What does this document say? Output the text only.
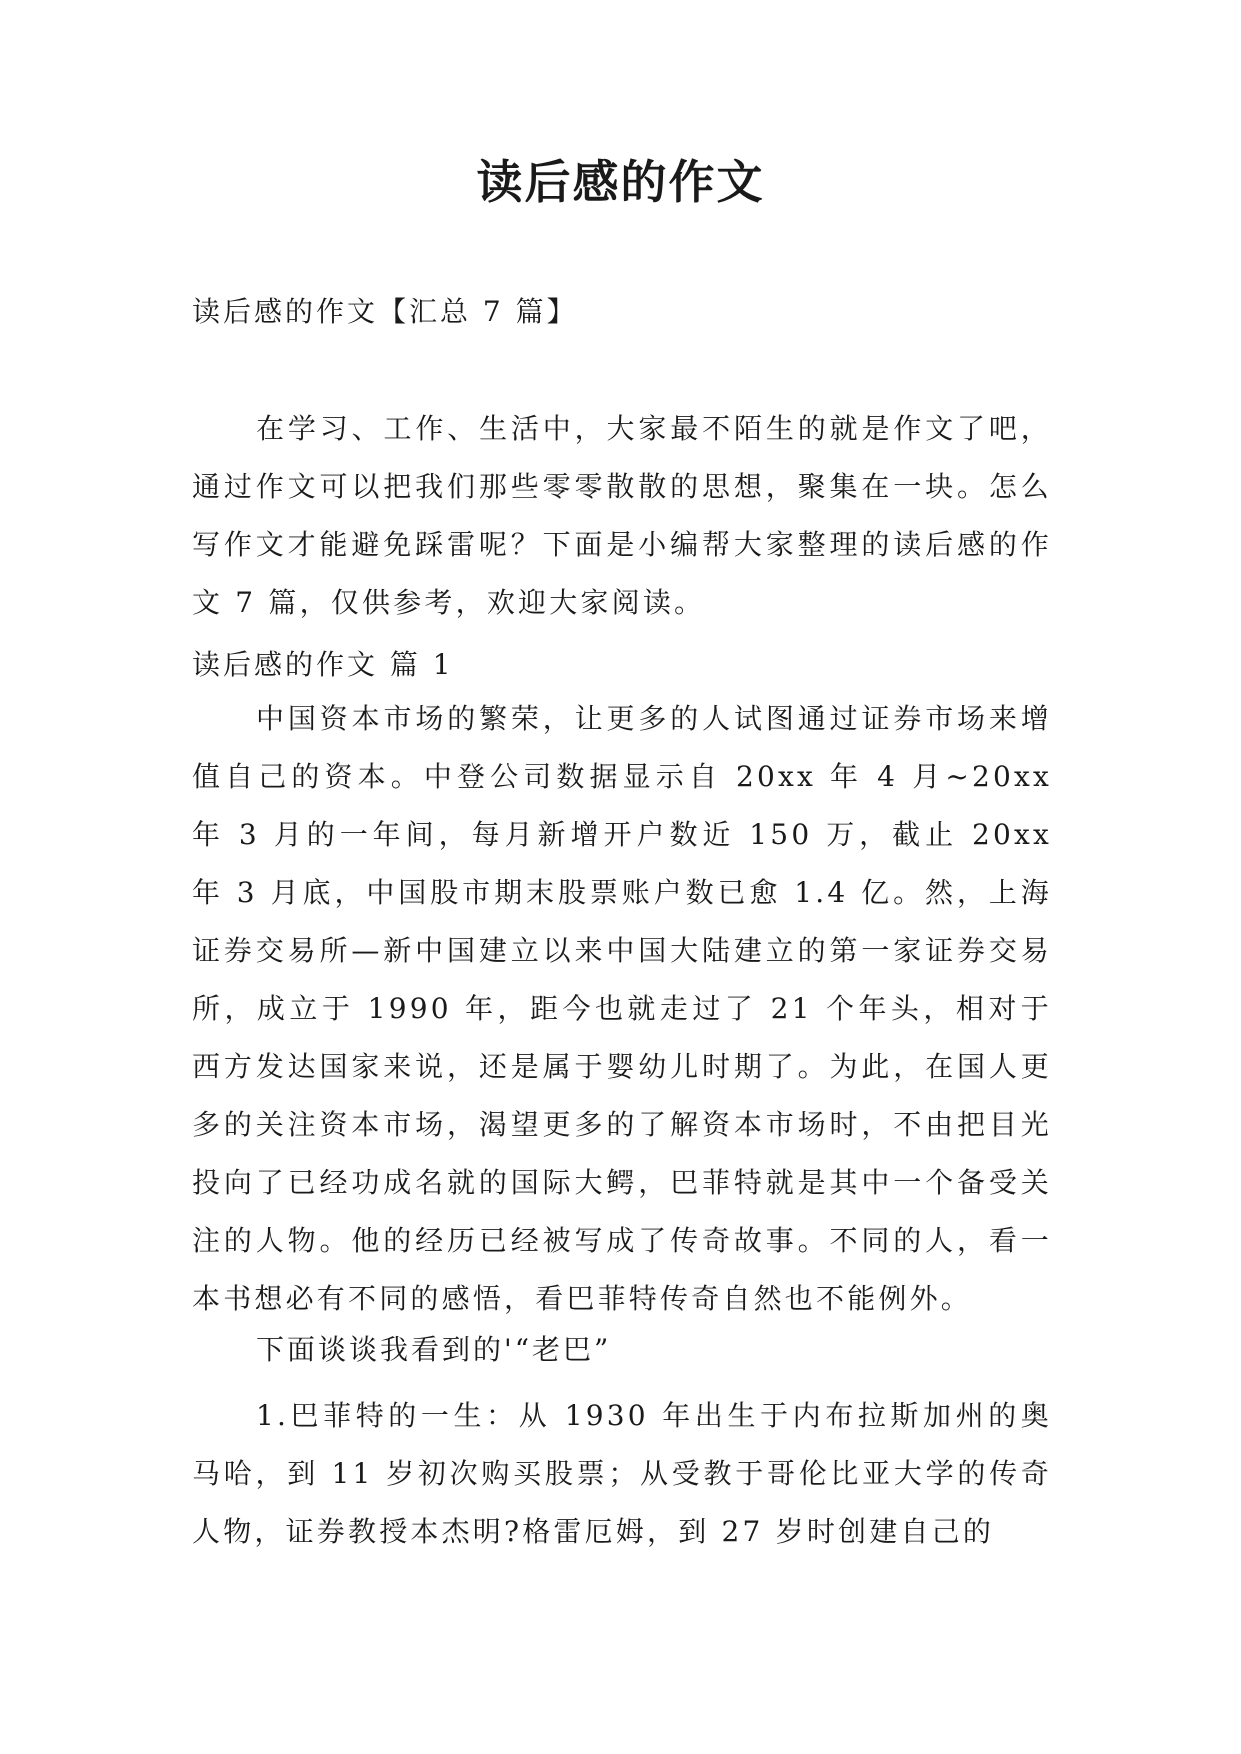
读后感的作文
读后感的作文【汇总 7 篇】

在学习、工作、生活中，大家最不陌生的就是作文了吧，通过作文可以把我们那些零零散散的思想，聚集在一块。怎么写作文才能避免踩雷呢？下面是小编帮大家整理的读后感的作文 7 篇，仅供参考，欢迎大家阅读。

读后感的作文 篇 1

中国资本市场的繁荣，让更多的人试图通过证券市场来增值自己的资本。中登公司数据显示自 20xx 年 4 月~20xx 年 3 月的一年间，每月新增开户数近 150 万，截止 20xx 年 3 月底，中国股市期末股票账户数已愈 1.4 亿。然，上海证券交易所—新中国建立以来中国大陆建立的第一家证券交易所，成立于 1990 年，距今也就走过了 21 个年头，相对于西方发达国家来说，还是属于婴幼儿时期了。为此，在国人更多的关注资本市场，渴望更多的了解资本市场时，不由把目光投向了已经功成名就的国际大鳄，巴菲特就是其中一个备受关注的人物。他的经历已经被写成了传奇故事。不同的人，看一本书想必有不同的感悟，看巴菲特传奇自然也不能例外。

下面谈谈我看到的'“老巴”

1.巴菲特的一生：从 1930 年出生于内布拉斯加州的奥马哈，到 11 岁初次购买股票；从受教于哥伦比亚大学的传奇人物，证券教授本杰明?格雷厄姆，到 27 岁时创建自己的
